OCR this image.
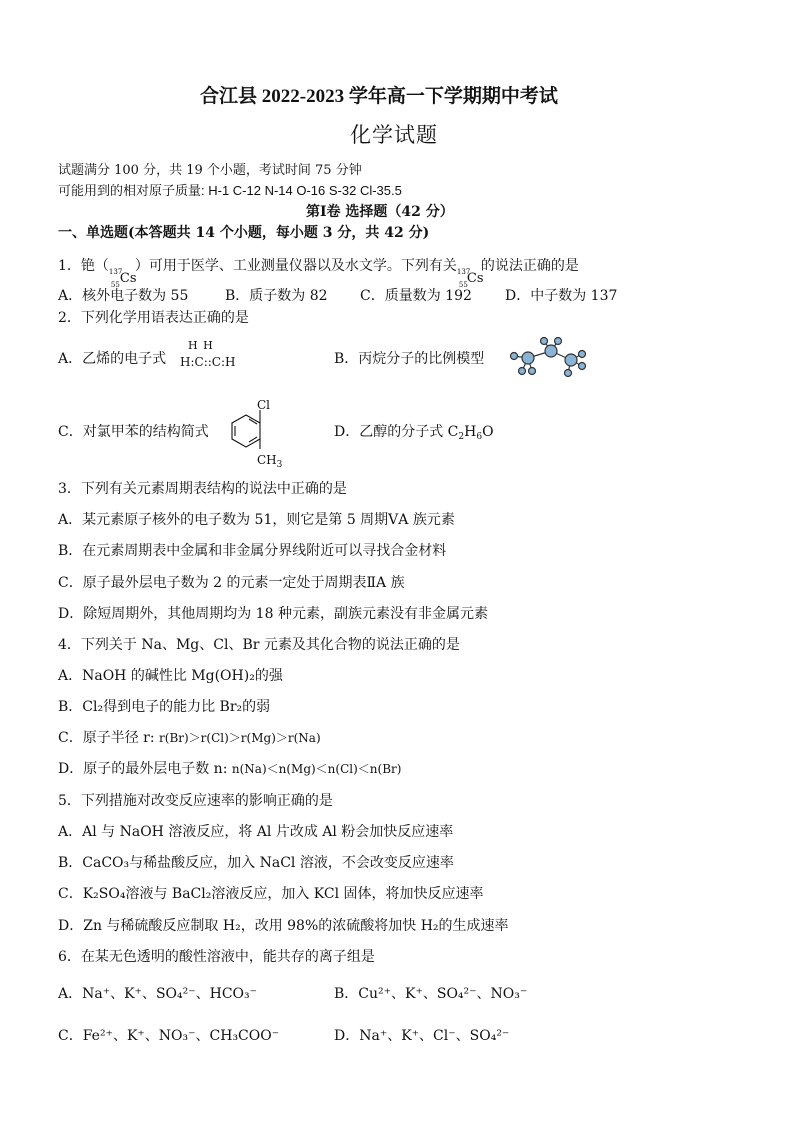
合江县 2022-2023 学年高一下学期期中考试
化学试题
试题满分 100 分，共 19 个小题，考试时间 75 分钟
可能用到的相对原子质量: H-1 C-12 N-14 O-16 S-32 Cl-35.5
第Ⅰ卷 选择题（42 分）
一、单选题(本答题共 14 个小题，每小题 3 分，共 42 分)
1．铯（ 137
55 Cs
）可用于医学、工业测量仪器以及水文学。下列有关 137
55 Cs
的说法正确的是
A．核外电子数为 55	B．质子数为 82 C．质量数为 192 D．中子数为 137
2．下列化学用语表达正确的是
A．乙烯的电子式
H H
H:C::C:H	B．丙烷分子的比例模型
C．对氯甲苯的结构简式
Cl
$CH_3$
D．乙醇的分子式 $C_2H_6O$
3．下列有关元素周期表结构的说法中正确的是
A．某元素原子核外的电子数为 51，则它是第 5 周期ⅤA 族元素
B．在元素周期表中金属和非金属分界线附近可以寻找合金材料
C．原子最外层电子数为 2 的元素一定处于周期表ⅡA 族
D．除短周期外，其他周期均为 18 种元素，副族元素没有非金属元素
4．下列关于 Na、Mg、Cl、Br 元素及其化合物的说法正确的是
A．NaOH 的碱性比 Mg(OH)₂的强
B．Cl₂得到电子的能力比 Br₂的弱
C．原子半径 r: r(Br)＞r(Cl)＞r(Mg)＞r(Na)
D．原子的最外层电子数 n: n(Na)＜n(Mg)＜n(Cl)＜n(Br)
5．下列措施对改变反应速率的影响正确的是
A．Al 与 NaOH 溶液反应，将 Al 片改成 Al 粉会加快反应速率
B．CaCO₃与稀盐酸反应，加入 NaCl 溶液，不会改变反应速率
C．K₂SO₄溶液与 BaCl₂溶液反应，加入 KCl 固体，将加快反应速率
D．Zn 与稀硫酸反应制取 H₂，改用 98%的浓硫酸将加快 H₂的生成速率
6．在某无色透明的酸性溶液中，能共存的离子组是
A．Na⁺、K⁺、SO₄²⁻、HCO₃⁻	B．Cu²⁺、K⁺、SO₄²⁻、NO₃⁻
C．Fe²⁺、K⁺、NO₃⁻、CH₃COO⁻	D．Na⁺、K⁺、Cl⁻、SO₄²⁻
